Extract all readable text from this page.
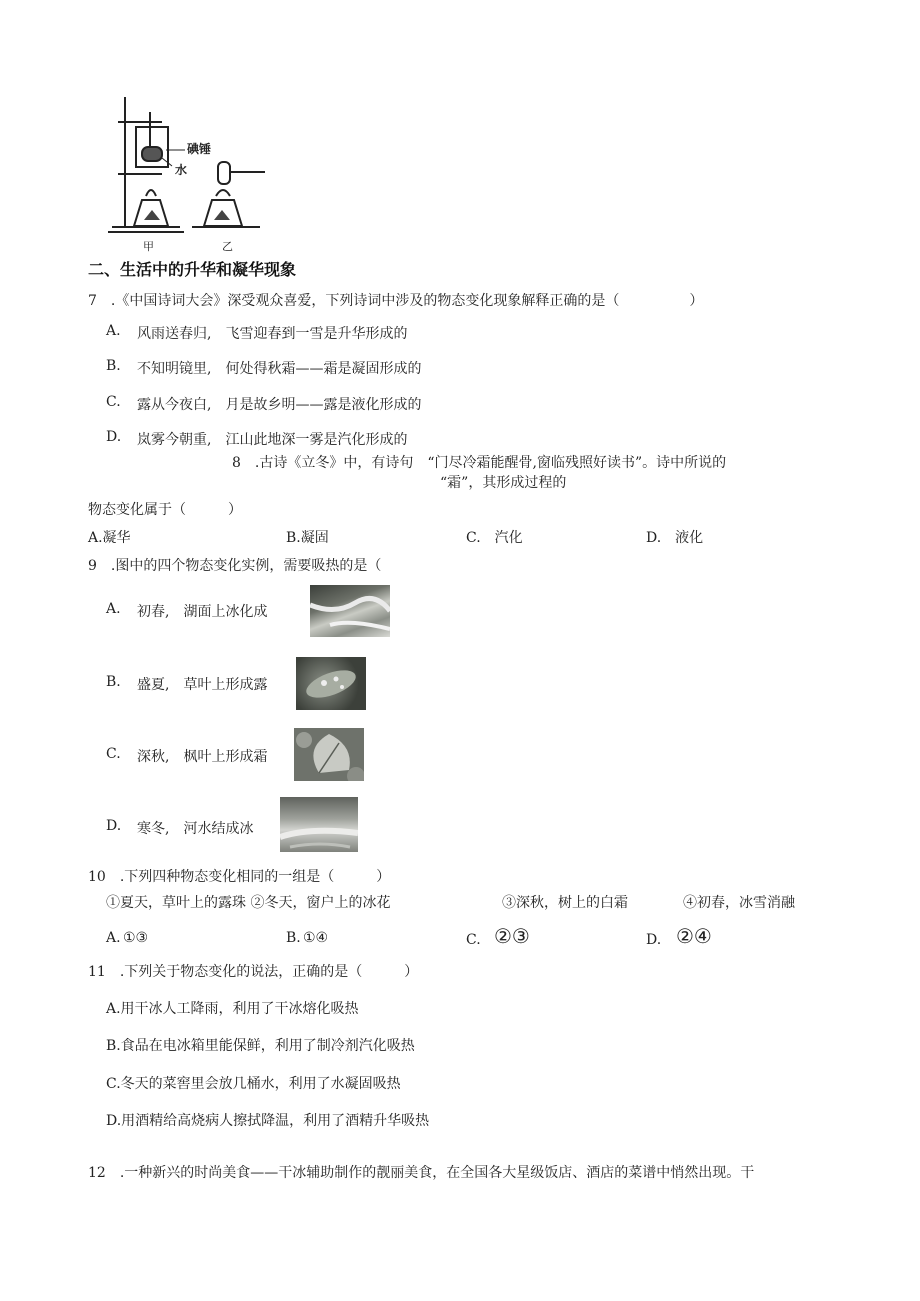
碘锤
水
甲	乙
二、生活中的升华和凝华现象
7　.《中国诗词大会》深受观众喜爱，下列诗词中涉及的物态变化现象解释正确的是（　　　　　）
A. 风雨送春归,　飞雪迎春到一雪是升华形成的
B. 不知明镜里,　何处得秋霜——霜是凝固形成的
C. 露从今夜白,　月是故乡明——露是液化形成的
D. 岚雾今朝重,　江山此地深一雾是汽化形成的
8　.古诗《立冬》中，有诗句　“门尽冷霜能醒骨,窗临残照好读书”。诗中所说的
“霜”，其形成过程的
物态变化属于（　　　）
A.凝华	B.凝固	C.　汽化	D.　液化
9　.图中的四个物态变化实例，需要吸热的是（
A. 初春,　湖面上冰化成
B. 盛夏,　草叶上形成露
C. 深秋,　枫叶上形成霜
D. 寒冬,　河水结成冰
10　.下列四种物态变化相同的一组是（　　　）
①夏天，草叶上的露珠 ②冬天，窗户上的冰花	③深秋，树上的白霜	④初春，冰雪消融
A. ①③	B. ①④	C. ②③	D. ②④
11　.下列关于物态变化的说法，正确的是（　　　）
A.用干冰人工降雨，利用了干冰熔化吸热
B.食品在电冰箱里能保鲜，利用了制冷剂汽化吸热
C.冬天的菜窖里会放几桶水，利用了水凝固吸热
D.用酒精给高烧病人擦拭降温，利用了酒精升华吸热
12　.一种新兴的时尚美食——干冰辅助制作的靓丽美食，在全国各大星级饭店、酒店的菜谱中悄然出现。干
